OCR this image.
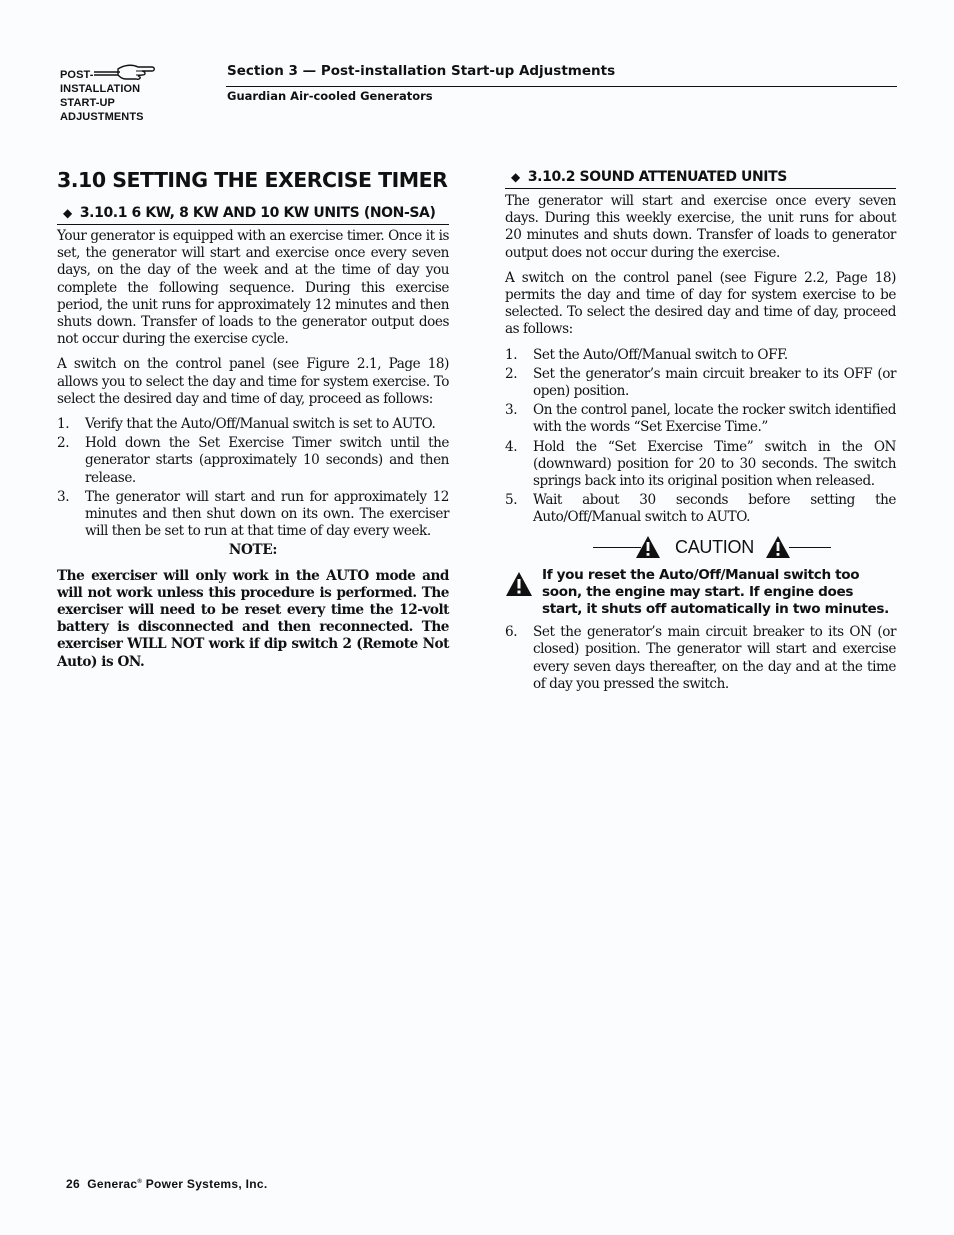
POST-
INSTALLATION
START-UP
ADJUSTMENTS
Section 3 — Post-installation Start-up Adjustments
Guardian Air-cooled Generators
3.10 SETTING THE EXERCISE TIMER
◆ 3.10.1 6 KW, 8 KW AND 10 KW UNITS (NON-SA)

Your generator is equipped with an exercise timer. Once it is set, the generator will start and exercise once every seven days, on the day of the week and at the time of day you complete the following sequence. During this exercise period, the unit runs for approximately 12 minutes and then shuts down. Transfer of loads to the generator output does not occur during the exercise cycle.

A switch on the control panel (see Figure 2.1, Page 18) allows you to select the day and time for system exercise. To select the desired day and time of day, proceed as follows:

1. Verify that the Auto/Off/Manual switch is set to AUTO.
2. Hold down the Set Exercise Timer switch until the generator starts (approximately 10 seconds) and then release.
3. The generator will start and run for approximately 12 minutes and then shut down on its own. The exerciser will then be set to run at that time of day every week.
NOTE:

The exerciser will only work in the AUTO mode and will not work unless this procedure is performed. The exerciser will need to be reset every time the 12-volt battery is disconnected and then reconnected. The exerciser WILL NOT work if dip switch 2 (Remote Not Auto) is ON.

◆ 3.10.2 SOUND ATTENUATED UNITS

The generator will start and exercise once every seven days. During this weekly exercise, the unit runs for about 20 minutes and shuts down. Transfer of loads to generator output does not occur during the exercise.

A switch on the control panel (see Figure 2.2, Page 18) permits the day and time of day for system exercise to be selected. To select the desired day and time of day, proceed as follows:

1. Set the Auto/Off/Manual switch to OFF.
2. Set the generator’s main circuit breaker to its OFF (or open) position.
3. On the control panel, locate the rocker switch identified with the words “Set Exercise Time.”
4. Hold the “Set Exercise Time” switch in the ON (downward) position for 20 to 30 seconds. The switch springs back into its original position when released.
5. Wait about 30 seconds before setting the Auto/Off/Manual switch to AUTO.
CAUTION

If you reset the Auto/Off/Manual switch too soon, the engine may start. If engine does start, it shuts off automatically in two minutes.

6. Set the generator’s main circuit breaker to its ON (or closed) position. The generator will start and exercise every seven days thereafter, on the day and at the time of day you pressed the switch.
26 Generac® Power Systems, Inc.
